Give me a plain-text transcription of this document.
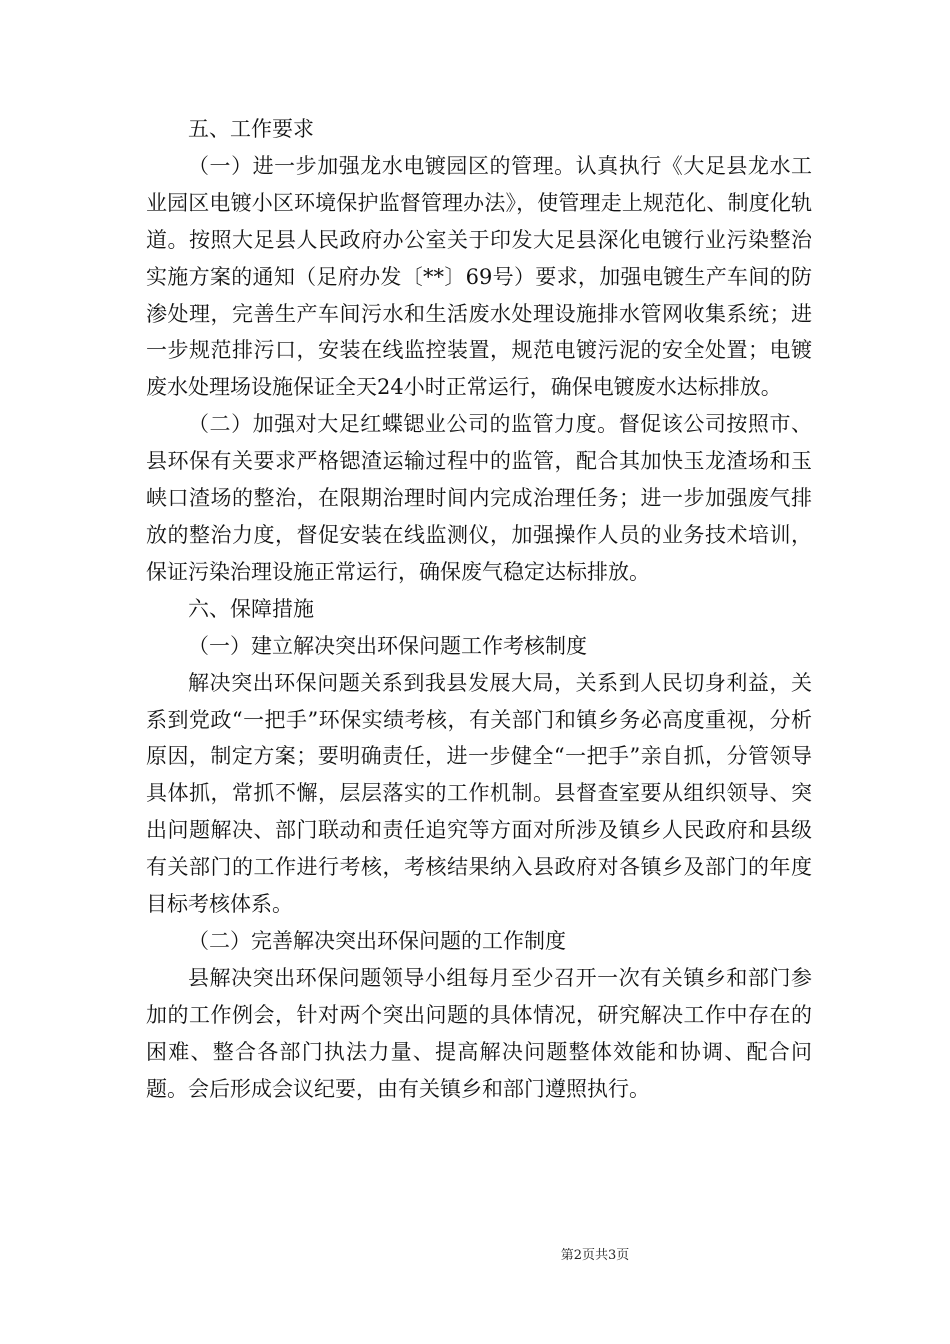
五、工作要求

（一）进一步加强龙水电镀园区的管理。认真执行《大足县龙水工业园区电镀小区环境保护监督管理办法》，使管理走上规范化、制度化轨道。按照大足县人民政府办公室关于印发大足县深化电镀行业污染整治实施方案的通知（足府办发〔**〕69号）要求，加强电镀生产车间的防渗处理，完善生产车间污水和生活废水处理设施排水管网收集系统；进一步规范排污口，安装在线监控装置，规范电镀污泥的安全处置；电镀废水处理场设施保证全天24小时正常运行，确保电镀废水达标排放。

（二）加强对大足红蝶锶业公司的监管力度。督促该公司按照市、县环保有关要求严格锶渣运输过程中的监管，配合其加快玉龙渣场和玉峡口渣场的整治，在限期治理时间内完成治理任务；进一步加强废气排放的整治力度，督促安装在线监测仪，加强操作人员的业务技术培训，保证污染治理设施正常运行，确保废气稳定达标排放。

六、保障措施

（一）建立解决突出环保问题工作考核制度

解决突出环保问题关系到我县发展大局，关系到人民切身利益，关系到党政“一把手”环保实绩考核，有关部门和镇乡务必高度重视，分析原因，制定方案；要明确责任，进一步健全“一把手”亲自抓，分管领导具体抓，常抓不懈，层层落实的工作机制。县督查室要从组织领导、突出问题解决、部门联动和责任追究等方面对所涉及镇乡人民政府和县级有关部门的工作进行考核，考核结果纳入县政府对各镇乡及部门的年度目标考核体系。

（二）完善解决突出环保问题的工作制度

县解决突出环保问题领导小组每月至少召开一次有关镇乡和部门参加的工作例会，针对两个突出问题的具体情况，研究解决工作中存在的困难、整合各部门执法力量、提高解决问题整体效能和协调、配合问题。会后形成会议纪要，由有关镇乡和部门遵照执行。

第2页共3页
